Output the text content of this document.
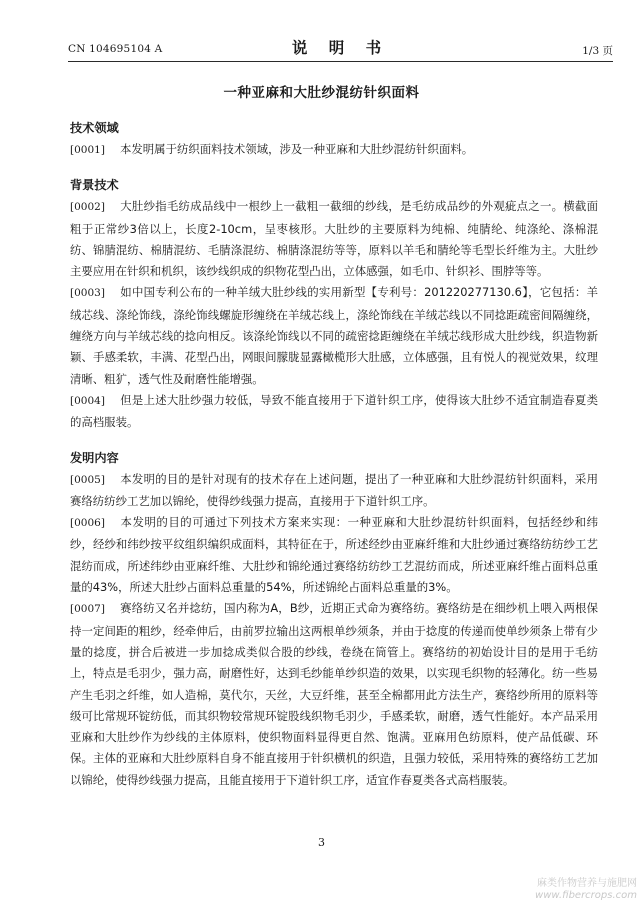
CN 104695104 A	说 明 书	1/3 页
一种亚麻和大肚纱混纺针织面料
技术领域

[0001] 本发明属于纺织面料技术领域，涉及一种亚麻和大肚纱混纺针织面料。

背景技术

[0002] 大肚纱指毛纺成品线中一根纱上一截粗一截细的纱线，是毛纺成品纱的外观疵点之一。横截面粗于正常纱3倍以上，长度2-10cm，呈枣核形。大肚纱的主要原料为纯棉、纯腈纶、纯涤纶、涤棉混纺、锦腈混纺、棉腈混纺、毛腈涤混纺、棉腈涤混纺等等，原料以羊毛和腈纶等毛型长纤维为主。大肚纱主要应用在针织和机织，该纱线织成的织物花型凸出，立体感强，如毛巾、针织衫、围脖等等。

[0003] 如中国专利公布的一种羊绒大肚纱线的实用新型【专利号：201220277130.6】，它包括：羊绒芯线、涤纶饰线，涤纶饰线螺旋形缠绕在羊绒芯线上，涤纶饰线在羊绒芯线以不同捻距疏密间隔缠绕，缠绕方向与羊绒芯线的捻向相反。该涤纶饰线以不同的疏密捻距缠绕在羊绒芯线形成大肚纱线，织造物新颖、手感柔软，丰满、花型凸出，网眼间朦胧显露橄榄形大肚感，立体感强，且有悦人的视觉效果，纹理清晰、粗犷，透气性及耐磨性能增强。

[0004] 但是上述大肚纱强力较低，导致不能直接用于下道针织工序，使得该大肚纱不适宜制造春夏类的高档服装。

发明内容

[0005] 本发明的目的是针对现有的技术存在上述问题，提出了一种亚麻和大肚纱混纺针织面料，采用赛络纺纺纱工艺加以锦纶，使得纱线强力提高，直接用于下道针织工序。

[0006] 本发明的目的可通过下列技术方案来实现：一种亚麻和大肚纱混纺针织面料，包括经纱和纬纱，经纱和纬纱按平纹组织编织成面料，其特征在于，所述经纱由亚麻纤维和大肚纱通过赛络纺纺纱工艺混纺而成，所述纬纱由亚麻纤维、大肚纱和锦纶通过赛络纺纺纱工艺混纺而成，所述亚麻纤维占面料总重量的43%，所述大肚纱占面料总重量的54%，所述锦纶占面料总重量的3%。

[0007] 赛络纺又名并捻纺，国内称为A，B纱，近期正式命为赛络纺。赛络纺是在细纱机上喂入两根保持一定间距的粗纱，经牵伸后，由前罗拉输出这两根单纱须条，并由于捻度的传递而使单纱须条上带有少量的捻度，拼合后被进一步加捻成类似合股的纱线，卷绕在筒管上。赛络纺的初始设计目的是用于毛纺上，特点是毛羽少，强力高，耐磨性好，达到毛纱能单纱织造的效果，以实现毛织物的轻薄化。纺一些易产生毛羽之纤维，如人造棉，莫代尔，天丝，大豆纤维，甚至全棉都用此方法生产，赛络纱所用的原料等级可比常规环锭纺低，而其织物较常规环锭股线织物毛羽少，手感柔软，耐磨，透气性能好。本产品采用亚麻和大肚纱作为纱线的主体原料，使织物面料显得更自然、饱满。亚麻用色纺原料，使产品低碳、环保。主体的亚麻和大肚纱原料自身不能直接用于针织横机的织造，且强力较低，采用特殊的赛络纺工艺加以锦纶，使得纱线强力提高，且能直接用于下道针织工序，适宜作春夏类各式高档服装。

3
麻类作物营养与施肥网
www.fibercrops.com
